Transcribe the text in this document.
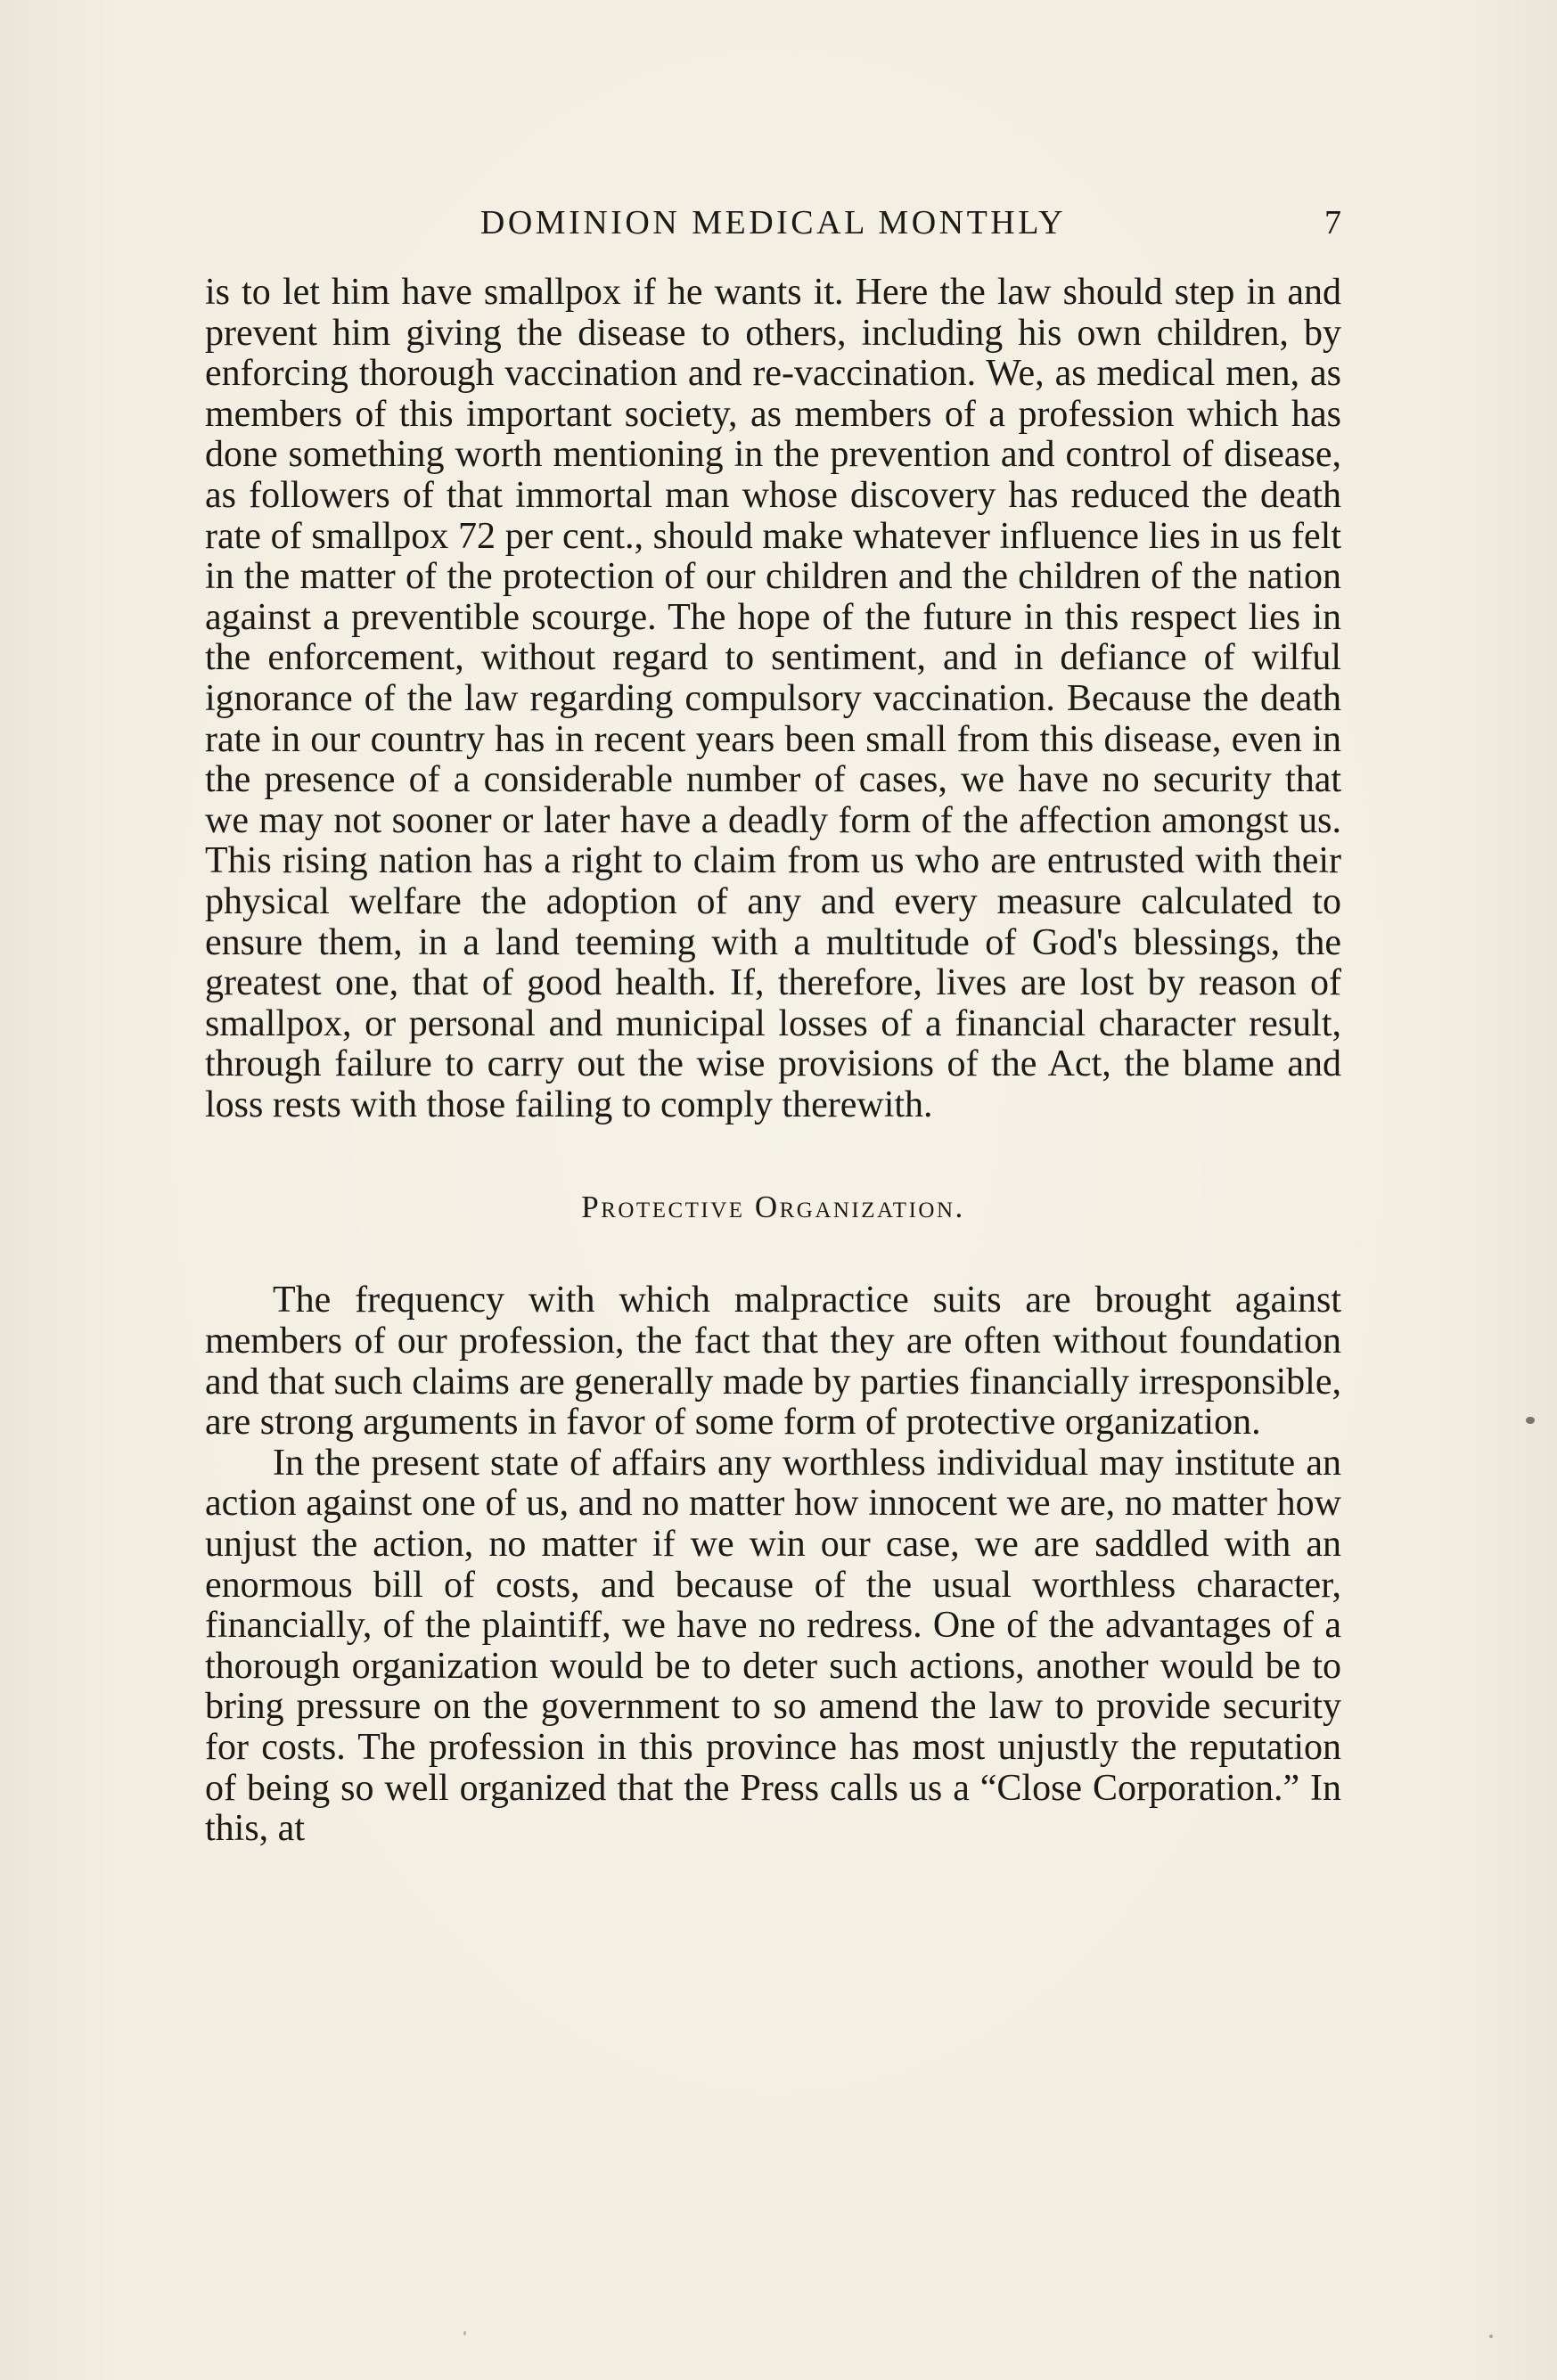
DOMINION MEDICAL MONTHLY	7

is to let him have smallpox if he wants it. Here the law should step in and prevent him giving the disease to others, including his own children, by enforcing thorough vaccination and re-vaccination. We, as medical men, as members of this important society, as members of a profession which has done something worth mentioning in the prevention and control of disease, as followers of that immortal man whose discovery has reduced the death rate of smallpox 72 per cent., should make whatever influence lies in us felt in the matter of the protection of our children and the children of the nation against a preventible scourge. The hope of the future in this respect lies in the enforcement, without regard to sentiment, and in defiance of wilful ignorance of the law regarding compulsory vaccination. Because the death rate in our country has in recent years been small from this disease, even in the presence of a considerable number of cases, we have no security that we may not sooner or later have a deadly form of the affection amongst us. This rising nation has a right to claim from us who are entrusted with their physical welfare the adoption of any and every measure calculated to ensure them, in a land teeming with a multitude of God's blessings, the greatest one, that of good health. If, therefore, lives are lost by reason of smallpox, or personal and municipal losses of a financial character result, through failure to carry out the wise provisions of the Act, the blame and loss rests with those failing to comply therewith.

Protective Organization.

The frequency with which malpractice suits are brought against members of our profession, the fact that they are often without foundation and that such claims are generally made by parties financially irresponsible, are strong arguments in favor of some form of protective organization.

In the present state of affairs any worthless individual may institute an action against one of us, and no matter how innocent we are, no matter how unjust the action, no matter if we win our case, we are saddled with an enormous bill of costs, and because of the usual worthless character, financially, of the plaintiff, we have no redress. One of the advantages of a thorough organization would be to deter such actions, another would be to bring pressure on the government to so amend the law to provide security for costs. The profession in this province has most unjustly the reputation of being so well organized that the Press calls us a “Close Corporation.” In this, at
